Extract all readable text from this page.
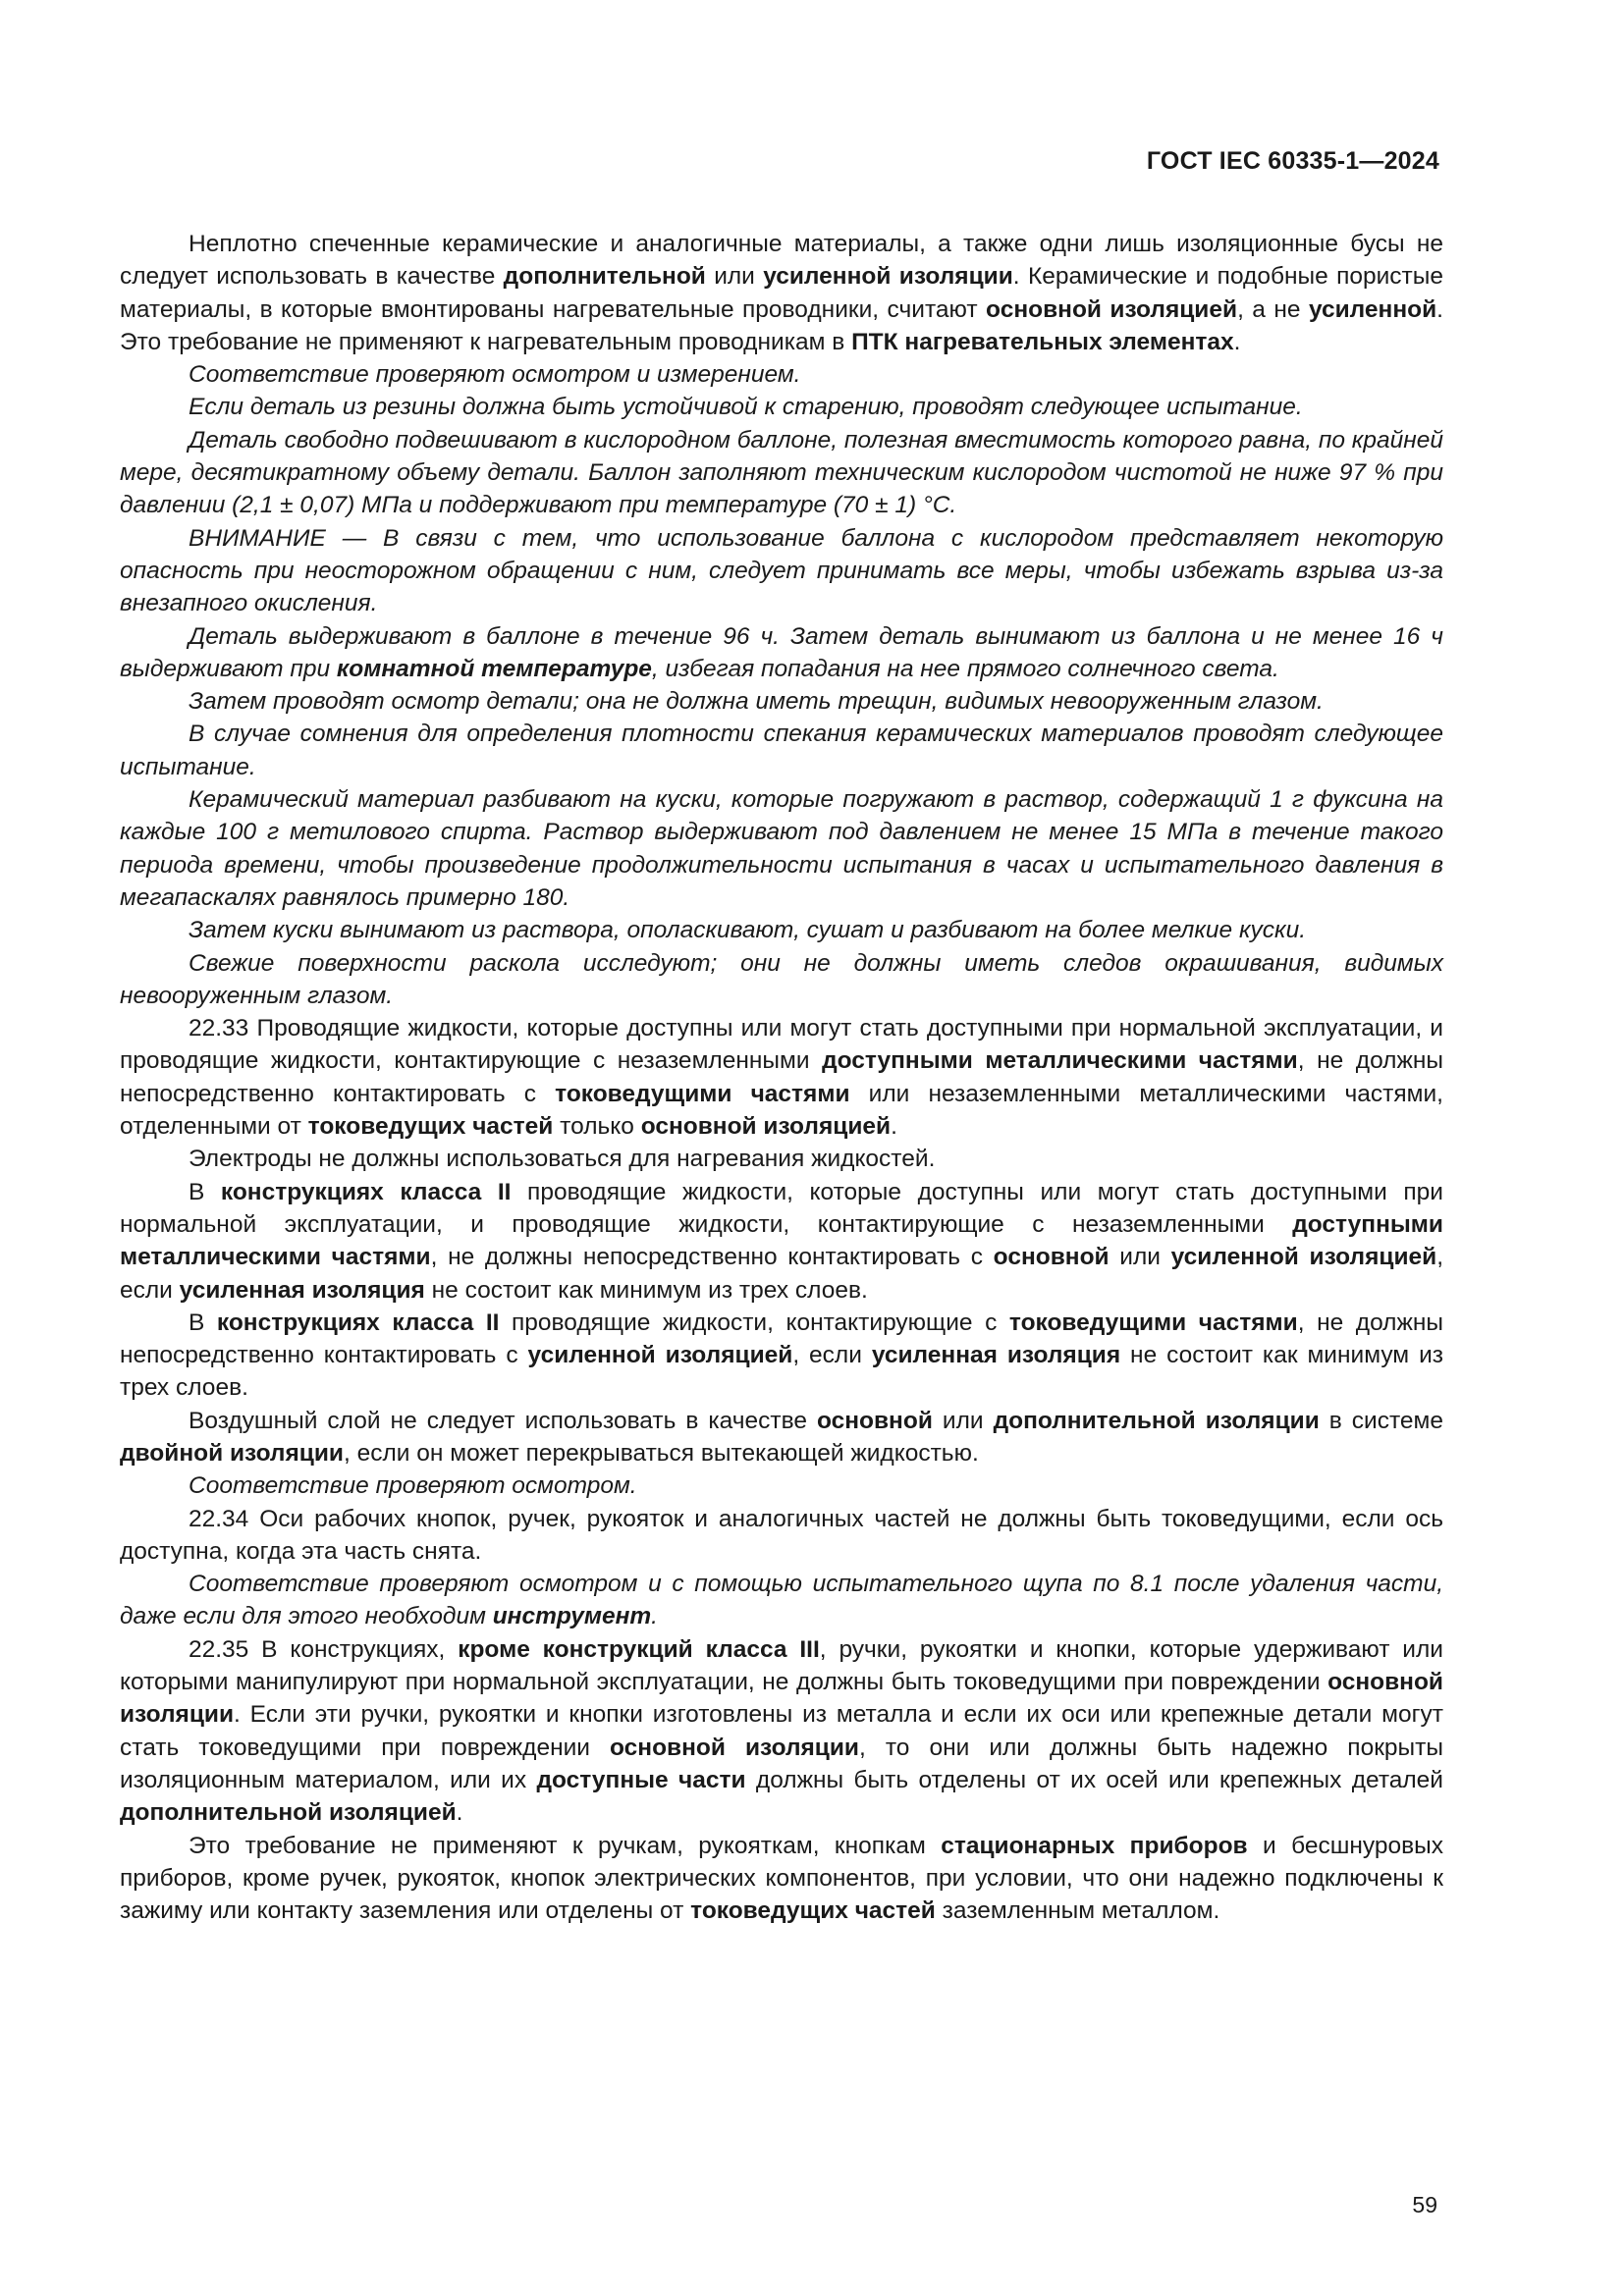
ГОСТ IEC 60335-1—2024

Неплотно спеченные керамические и аналогичные материалы, а также одни лишь изоляционные бусы не следует использовать в качестве дополнительной или усиленной изоляции. Керамические и подобные пористые материалы, в которые вмонтированы нагревательные проводники, считают основной изоляцией, а не усиленной. Это требование не применяют к нагревательным проводникам в ПТК нагревательных элементах.

Соответствие проверяют осмотром и измерением.

Если деталь из резины должна быть устойчивой к старению, проводят следующее испытание.

Деталь свободно подвешивают в кислородном баллоне, полезная вместимость которого равна, по крайней мере, десятикратному объему детали. Баллон заполняют техническим кислородом чистотой не ниже 97 % при давлении (2,1 ± 0,07) МПа и поддерживают при температуре (70 ± 1) °C.

ВНИМАНИЕ — В связи с тем, что использование баллона с кислородом представляет некоторую опасность при неосторожном обращении с ним, следует принимать все меры, чтобы избежать взрыва из-за внезапного окисления.

Деталь выдерживают в баллоне в течение 96 ч. Затем деталь вынимают из баллона и не менее 16 ч выдерживают при комнатной температуре, избегая попадания на нее прямого солнечного света.

Затем проводят осмотр детали; она не должна иметь трещин, видимых невооруженным глазом.

В случае сомнения для определения плотности спекания керамических материалов проводят следующее испытание.

Керамический материал разбивают на куски, которые погружают в раствор, содержащий 1 г фуксина на каждые 100 г метилового спирта. Раствор выдерживают под давлением не менее 15 МПа в течение такого периода времени, чтобы произведение продолжительности испытания в часах и испытательного давления в мегапаскалях равнялось примерно 180.

Затем куски вынимают из раствора, ополаскивают, сушат и разбивают на более мелкие куски.

Свежие поверхности раскола исследуют; они не должны иметь следов окрашивания, видимых невооруженным глазом.

22.33 Проводящие жидкости, которые доступны или могут стать доступными при нормальной эксплуатации, и проводящие жидкости, контактирующие с незаземленными доступными металлическими частями, не должны непосредственно контактировать с токоведущими частями или незаземленными металлическими частями, отделенными от токоведущих частей только основной изоляцией.

Электроды не должны использоваться для нагревания жидкостей.

В конструкциях класса II проводящие жидкости, которые доступны или могут стать доступными при нормальной эксплуатации, и проводящие жидкости, контактирующие с незаземленными доступными металлическими частями, не должны непосредственно контактировать с основной или усиленной изоляцией, если усиленная изоляция не состоит как минимум из трех слоев.

В конструкциях класса II проводящие жидкости, контактирующие с токоведущими частями, не должны непосредственно контактировать с усиленной изоляцией, если усиленная изоляция не состоит как минимум из трех слоев.

Воздушный слой не следует использовать в качестве основной или дополнительной изоляции в системе двойной изоляции, если он может перекрываться вытекающей жидкостью.

Соответствие проверяют осмотром.

22.34 Оси рабочих кнопок, ручек, рукояток и аналогичных частей не должны быть токоведущими, если ось доступна, когда эта часть снята.

Соответствие проверяют осмотром и с помощью испытательного щупа по 8.1 после удаления части, даже если для этого необходим инструмент.

22.35 В конструкциях, кроме конструкций класса III, ручки, рукоятки и кнопки, которые удерживают или которыми манипулируют при нормальной эксплуатации, не должны быть токоведущими при повреждении основной изоляции. Если эти ручки, рукоятки и кнопки изготовлены из металла и если их оси или крепежные детали могут стать токоведущими при повреждении основной изоляции, то они или должны быть надежно покрыты изоляционным материалом, или их доступные части должны быть отделены от их осей или крепежных деталей дополнительной изоляцией.

Это требование не применяют к ручкам, рукояткам, кнопкам стационарных приборов и бесшнуровых приборов, кроме ручек, рукояток, кнопок электрических компонентов, при условии, что они надежно подключены к зажиму или контакту заземления или отделены от токоведущих частей заземленным металлом.

59
